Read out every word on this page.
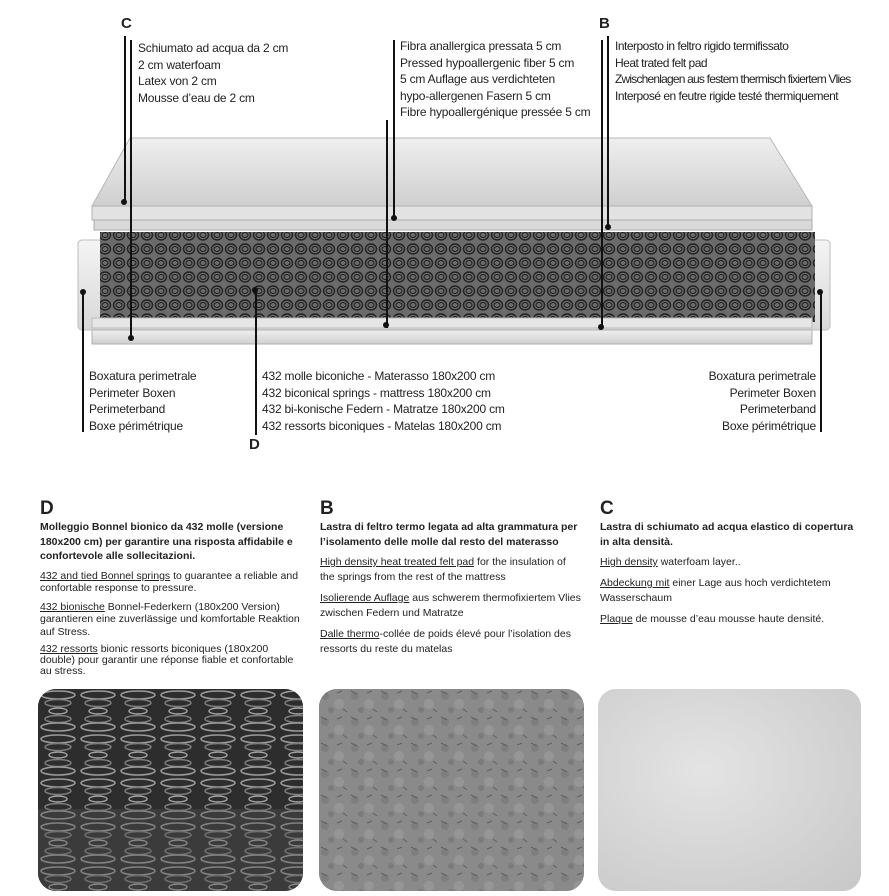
C	B
D
Schiumato ad acqua da 2 cm
2 cm waterfoam
Latex von 2 cm
Mousse d’eau de 2 cm
Fibra anallergica pressata 5 cm
Pressed hypoallergenic fiber 5 cm
5 cm Auflage aus verdichteten
hypo-allergenen Fasern 5 cm
Fibre hypoallergénique pressée 5 cm
Interposto in feltro rigido termifissato
Heat trated felt pad
Zwischenlagen aus festem thermisch fixiertem Vlies
Interposé en feutre rigide testé thermiquement
Boxatura perimetrale
Perimeter Boxen
Perimeterband
Boxe périmétrique
432 molle biconiche - Materasso 180x200 cm
432 biconical springs - mattress 180x200 cm
432 bi-konische Federn - Matratze 180x200 cm
432 ressorts biconiques - Matelas 180x200 cm
Boxatura perimetrale
Perimeter Boxen
Perimeterband
Boxe périmétrique
D
Molleggio Bonnel bionico da 432 molle (versione 180x200 cm) per garantire una risposta affidabile e confortevole alle sollecitazioni.
432 and tied Bonnel springs to guarantee a reliable and confortable response to pressure.
432 bionische Bonnel-Federkern (180x200 Version) garantieren eine zuverlässige und komfortable Reaktion auf Stress.
432 ressorts bionic ressorts biconiques (180x200 double) pour garantir une réponse fiable et confortable au stress.
B
Lastra di feltro termo legata ad alta grammatura per l’isolamento delle molle dal resto del materasso
High density heat treated felt pad for the insulation of the springs from the rest of the mattress
Isolierende Auflage aus schwerem thermofixiertem Vlies zwischen Federn und Matratze
Dalle thermo-collée de poids élevé pour l’isolation des ressorts du reste du matelas
C
Lastra di schiumato ad acqua elastico di copertura in alta densità.
High density waterfoam layer..
Abdeckung mit einer Lage aus hoch verdichtetem Wasserschaum
Plaque de mousse d’eau mousse haute densité.
